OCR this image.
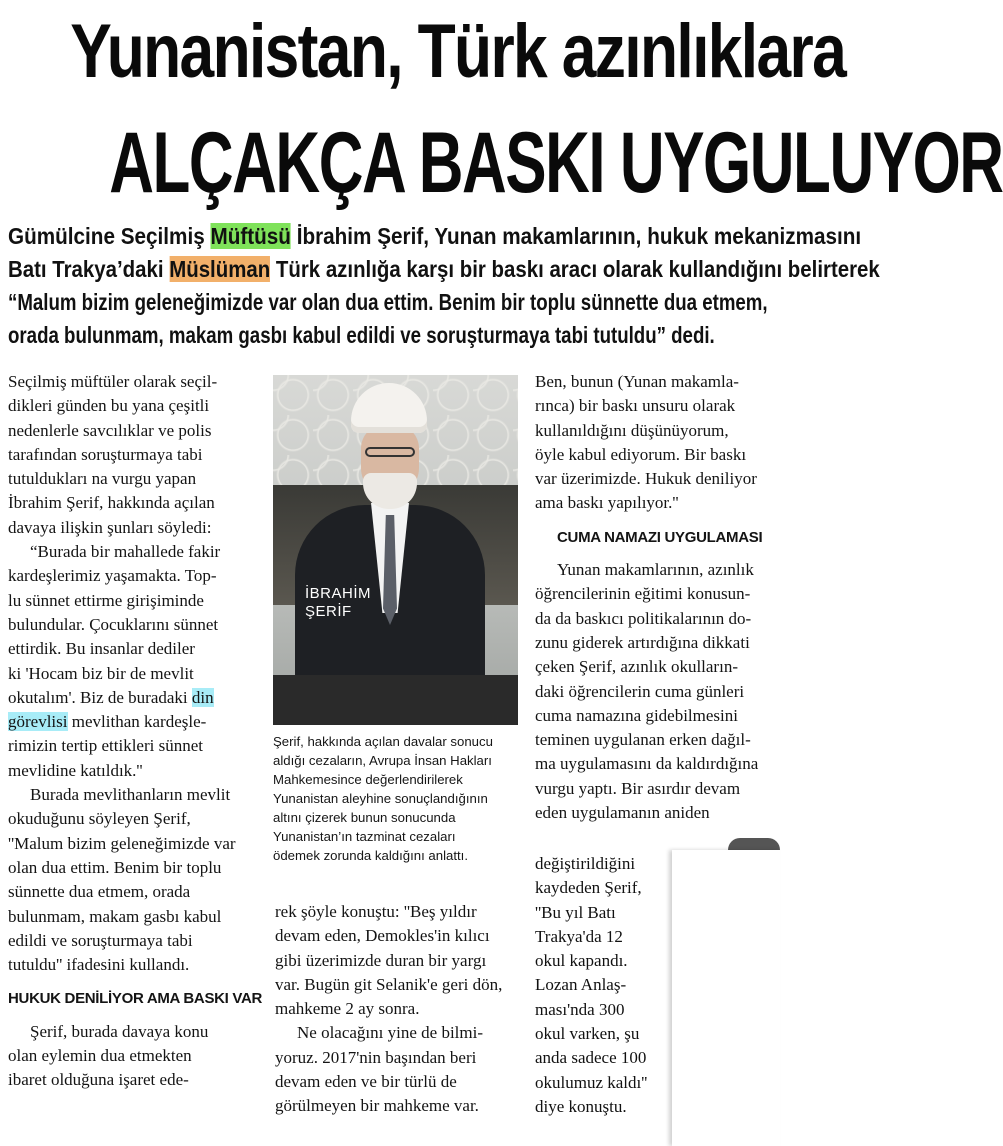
Yunanistan, Türk azınlıklara
ALÇAKÇA BASKI UYGULUYOR
Gümülcine Seçilmiş Müftüsü İbrahim Şerif, Yunan makamlarının, hukuk mekanizmasını
Batı Trakya’daki Müslüman Türk azınlığa karşı bir baskı aracı olarak kullandığını belirterek
“Malum bizim geleneğimizde var olan dua ettim. Benim bir toplu sünnette dua etmem,
orada bulunmam, makam gasbı kabul edildi ve soruşturmaya tabi tutuldu” dedi.

Seçilmiş müftüler olarak seçil-
dikleri günden bu yana çeşitli
nedenlerle savcılıklar ve polis
tarafından soruşturmaya tabi
tutuldukları na vurgu yapan
İbrahim Şerif, hakkında açılan
davaya ilişkin şunları söyledi:

“Burada bir mahallede fakir
kardeşlerimiz yaşamakta. Top-
lu sünnet ettirme girişiminde
bulundular. Çocuklarını sünnet
ettirdik. Bu insanlar dediler
ki 'Hocam biz bir de mevlit
okutalım'. Biz de buradaki din
görevlisi mevlithan kardeşle-
rimizin tertip ettikleri sünnet
mevlidine katıldık.''

Burada mevlithanların mevlit
okuduğunu söyleyen Şerif,
''Malum bizim geleneğimizde var
olan dua ettim. Benim bir toplu
sünnette dua etmem, orada
bulunmam, makam gasbı kabul
edildi ve soruşturmaya tabi
tutuldu'' ifadesini kullandı.

HUKUK DENİLİYOR AMA BASKI VAR

Şerif, burada davaya konu
olan eylemin dua etmekten
ibaret olduğuna işaret ede-

İBRAHİM
ŞERİF
Şerif, hakkında açılan davalar sonucu
aldığı cezaların, Avrupa İnsan Hakları
Mahkemesince değerlendirilerek
Yunanistan aleyhine sonuçlandığının
altını çizerek bunun sonucunda
Yunanistan’ın tazminat cezaları
ödemek zorunda kaldığını anlattı.

rek şöyle konuştu: ''Beş yıldır
devam eden, Demokles'in kılıcı
gibi üzerimizde duran bir yargı
var. Bugün git Selanik'e geri dön,
mahkeme 2 ay sonra.

Ne olacağını yine de bilmi-
yoruz. 2017'nin başından beri
devam eden ve bir türlü de
görülmeyen bir mahkeme var.

Ben, bunun (Yunan makamla-
rınca) bir baskı unsuru olarak
kullanıldığını düşünüyorum,
öyle kabul ediyorum. Bir baskı
var üzerimizde. Hukuk deniliyor
ama baskı yapılıyor.''

CUMA NAMAZI UYGULAMASI

Yunan makamlarının, azınlık
öğrencilerinin eğitimi konusun-
da da baskıcı politikalarının do-
zunu giderek artırdığına dikkati
çeken Şerif, azınlık okulların-
daki öğrencilerin cuma günleri
cuma namazına gidebilmesini
teminen uygulanan erken dağıl-
ma uygulamasını da kaldırdığına
vurgu yaptı. Bir asırdır devam
eden uygulamanın aniden

değiştirildiğini
kaydeden Şerif,
''Bu yıl Batı
Trakya'da 12
okul kapandı.
Lozan Anlaş-
ması'nda 300
okul varken, şu
anda sadece 100
okulumuz kaldı''
diye konuştu.
